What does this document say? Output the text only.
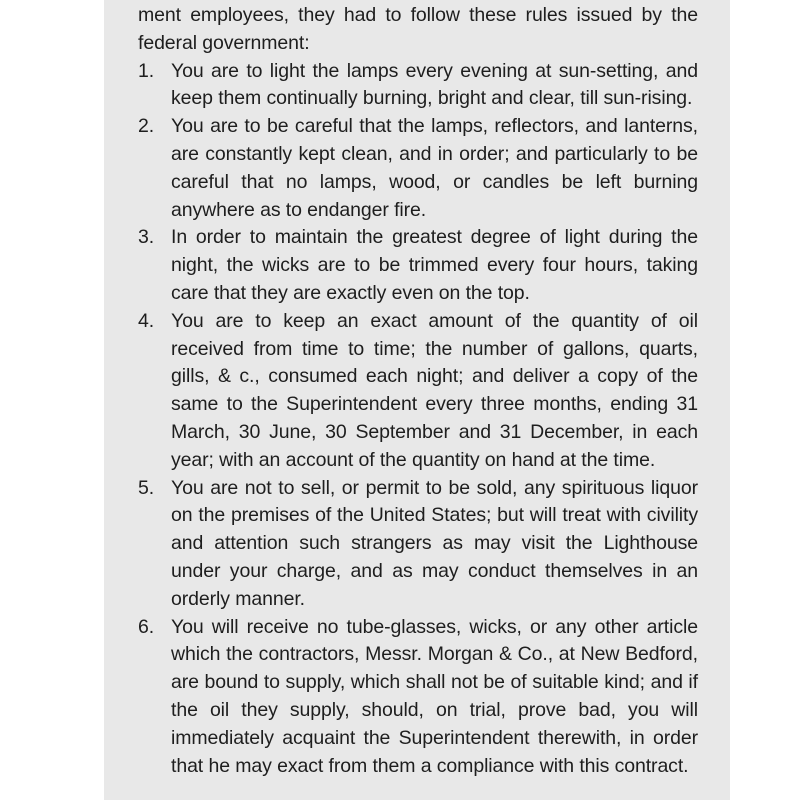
ment employees, they had to follow these rules issued by the federal government:

1. You are to light the lamps every evening at sun-setting, and keep them continually burning, bright and clear, till sun-rising.
2. You are to be careful that the lamps, reflectors, and lanterns, are constantly kept clean, and in order; and particularly to be careful that no lamps, wood, or candles be left burning anywhere as to endanger fire.
3. In order to maintain the greatest degree of light during the night, the wicks are to be trimmed every four hours, taking care that they are exactly even on the top.
4. You are to keep an exact amount of the quantity of oil received from time to time; the number of gallons, quarts, gills, & c., consumed each night; and deliver a copy of the same to the Superintendent every three months, ending 31 March, 30 June, 30 September and 31 December, in each year; with an account of the quantity on hand at the time.
5. You are not to sell, or permit to be sold, any spirituous liquor on the premises of the United States; but will treat with civility and attention such strangers as may visit the Lighthouse under your charge, and as may conduct themselves in an orderly manner.
6. You will receive no tube-glasses, wicks, or any other article which the contractors, Messr. Morgan & Co., at New Bedford, are bound to supply, which shall not be of suitable kind; and if the oil they supply, should, on trial, prove bad, you will immediately acquaint the Superintendent therewith, in order that he may exact from them a compliance with this contract.
